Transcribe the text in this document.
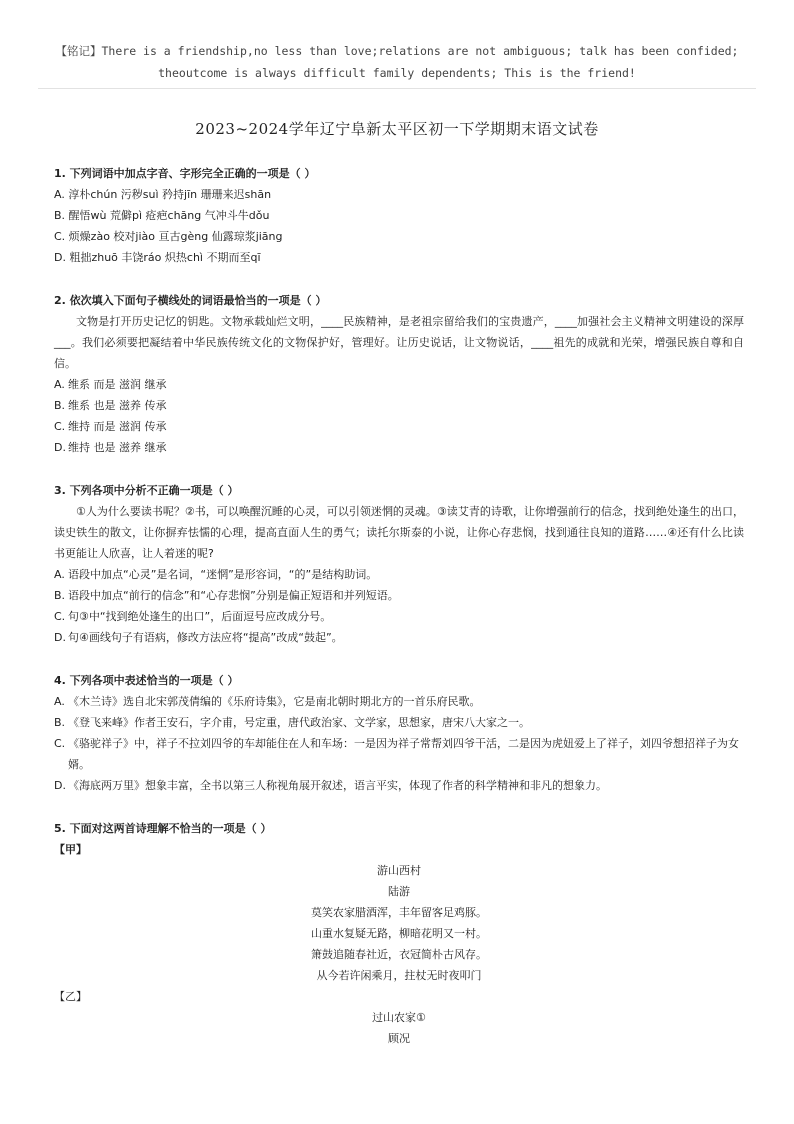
【铭记】There is a friendship,no less than love;relations are not ambiguous; talk has been confided;
theoutcome is always difficult family dependents; This is the friend!
2023~2024学年辽宁阜新太平区初一下学期期末语文试卷
1. 下列词语中加点字音、字形完全正确的一项是（ ）
A. 淳朴chún 污秽suì 矜持jīn 珊珊来迟shān
B. 醒悟wù 荒僻pì 疮疤chāng 气冲斗牛dǒu
C. 烦燥zào 校对jiào 亘古gèng 仙露琼浆jiāng
D. 粗拙zhuō 丰饶ráo 炽热chì 不期而至qī
2. 依次填入下面句子横线处的词语最恰当的一项是（ ）
文物是打开历史记忆的钥匙。文物承载灿烂文明，____民族精神，是老祖宗留给我们的宝贵遗产，____加强社会主义精神文明建设的深厚___。我们必须要把凝结着中华民族传统文化的文物保护好，管理好。让历史说话，让文物说话，____祖先的成就和光荣，增强民族自尊和自信。
A. 维系 而是 滋润 继承
B. 维系 也是 滋养 传承
C. 维持 而是 滋润 传承
D. 维持 也是 滋养 继承
3. 下列各项中分析不正确一项是（ ）
①人为什么要读书呢？②书，可以唤醒沉睡的心灵，可以引领迷惘的灵魂。③读艾青的诗歌，让你增强前行的信念，找到绝处逢生的出口，读史铁生的散文，让你摒弃怯懦的心理，提高直面人生的勇气；读托尔斯泰的小说，让你心存悲悯，找到通往良知的道路……④还有什么比读书更能让人欣喜，让人着迷的呢?
A. 语段中加点“心灵”是名词，“迷惘”是形容词，“的”是结构助词。
B. 语段中加点“前行的信念”和“心存悲悯”分别是偏正短语和并列短语。
C. 句③中“找到绝处逢生的出口”，后面逗号应改成分号。
D. 句④画线句子有语病，修改方法应将“提高”改成“鼓起”。
4. 下列各项中表述恰当的一项是（ ）
A. 《木兰诗》选自北宋郭茂倩编的《乐府诗集》，它是南北朝时期北方的一首乐府民歌。
B. 《登飞来峰》作者王安石，字介甫，号定重，唐代政治家、文学家，思想家，唐宋八大家之一。
C. 《骆驼祥子》中，祥子不拉刘四爷的车却能住在人和车场：一是因为祥子常帮刘四爷干活，二是因为虎妞爱上了祥子，刘四爷想招祥子为女婿。
D. 《海底两万里》想象丰富，全书以第三人称视角展开叙述，语言平实，体现了作者的科学精神和非凡的想象力。
5. 下面对这两首诗理解不恰当的一项是（ ）
【甲】
游山西村
陆游
莫笑农家腊酒浑，丰年留客足鸡豚。
山重水复疑无路，柳暗花明又一村。
箫鼓追随春社近，衣冠简朴古风存。
从今若许闲乘月，拄杖无时夜叩门
【乙】
过山农家①
顾况
